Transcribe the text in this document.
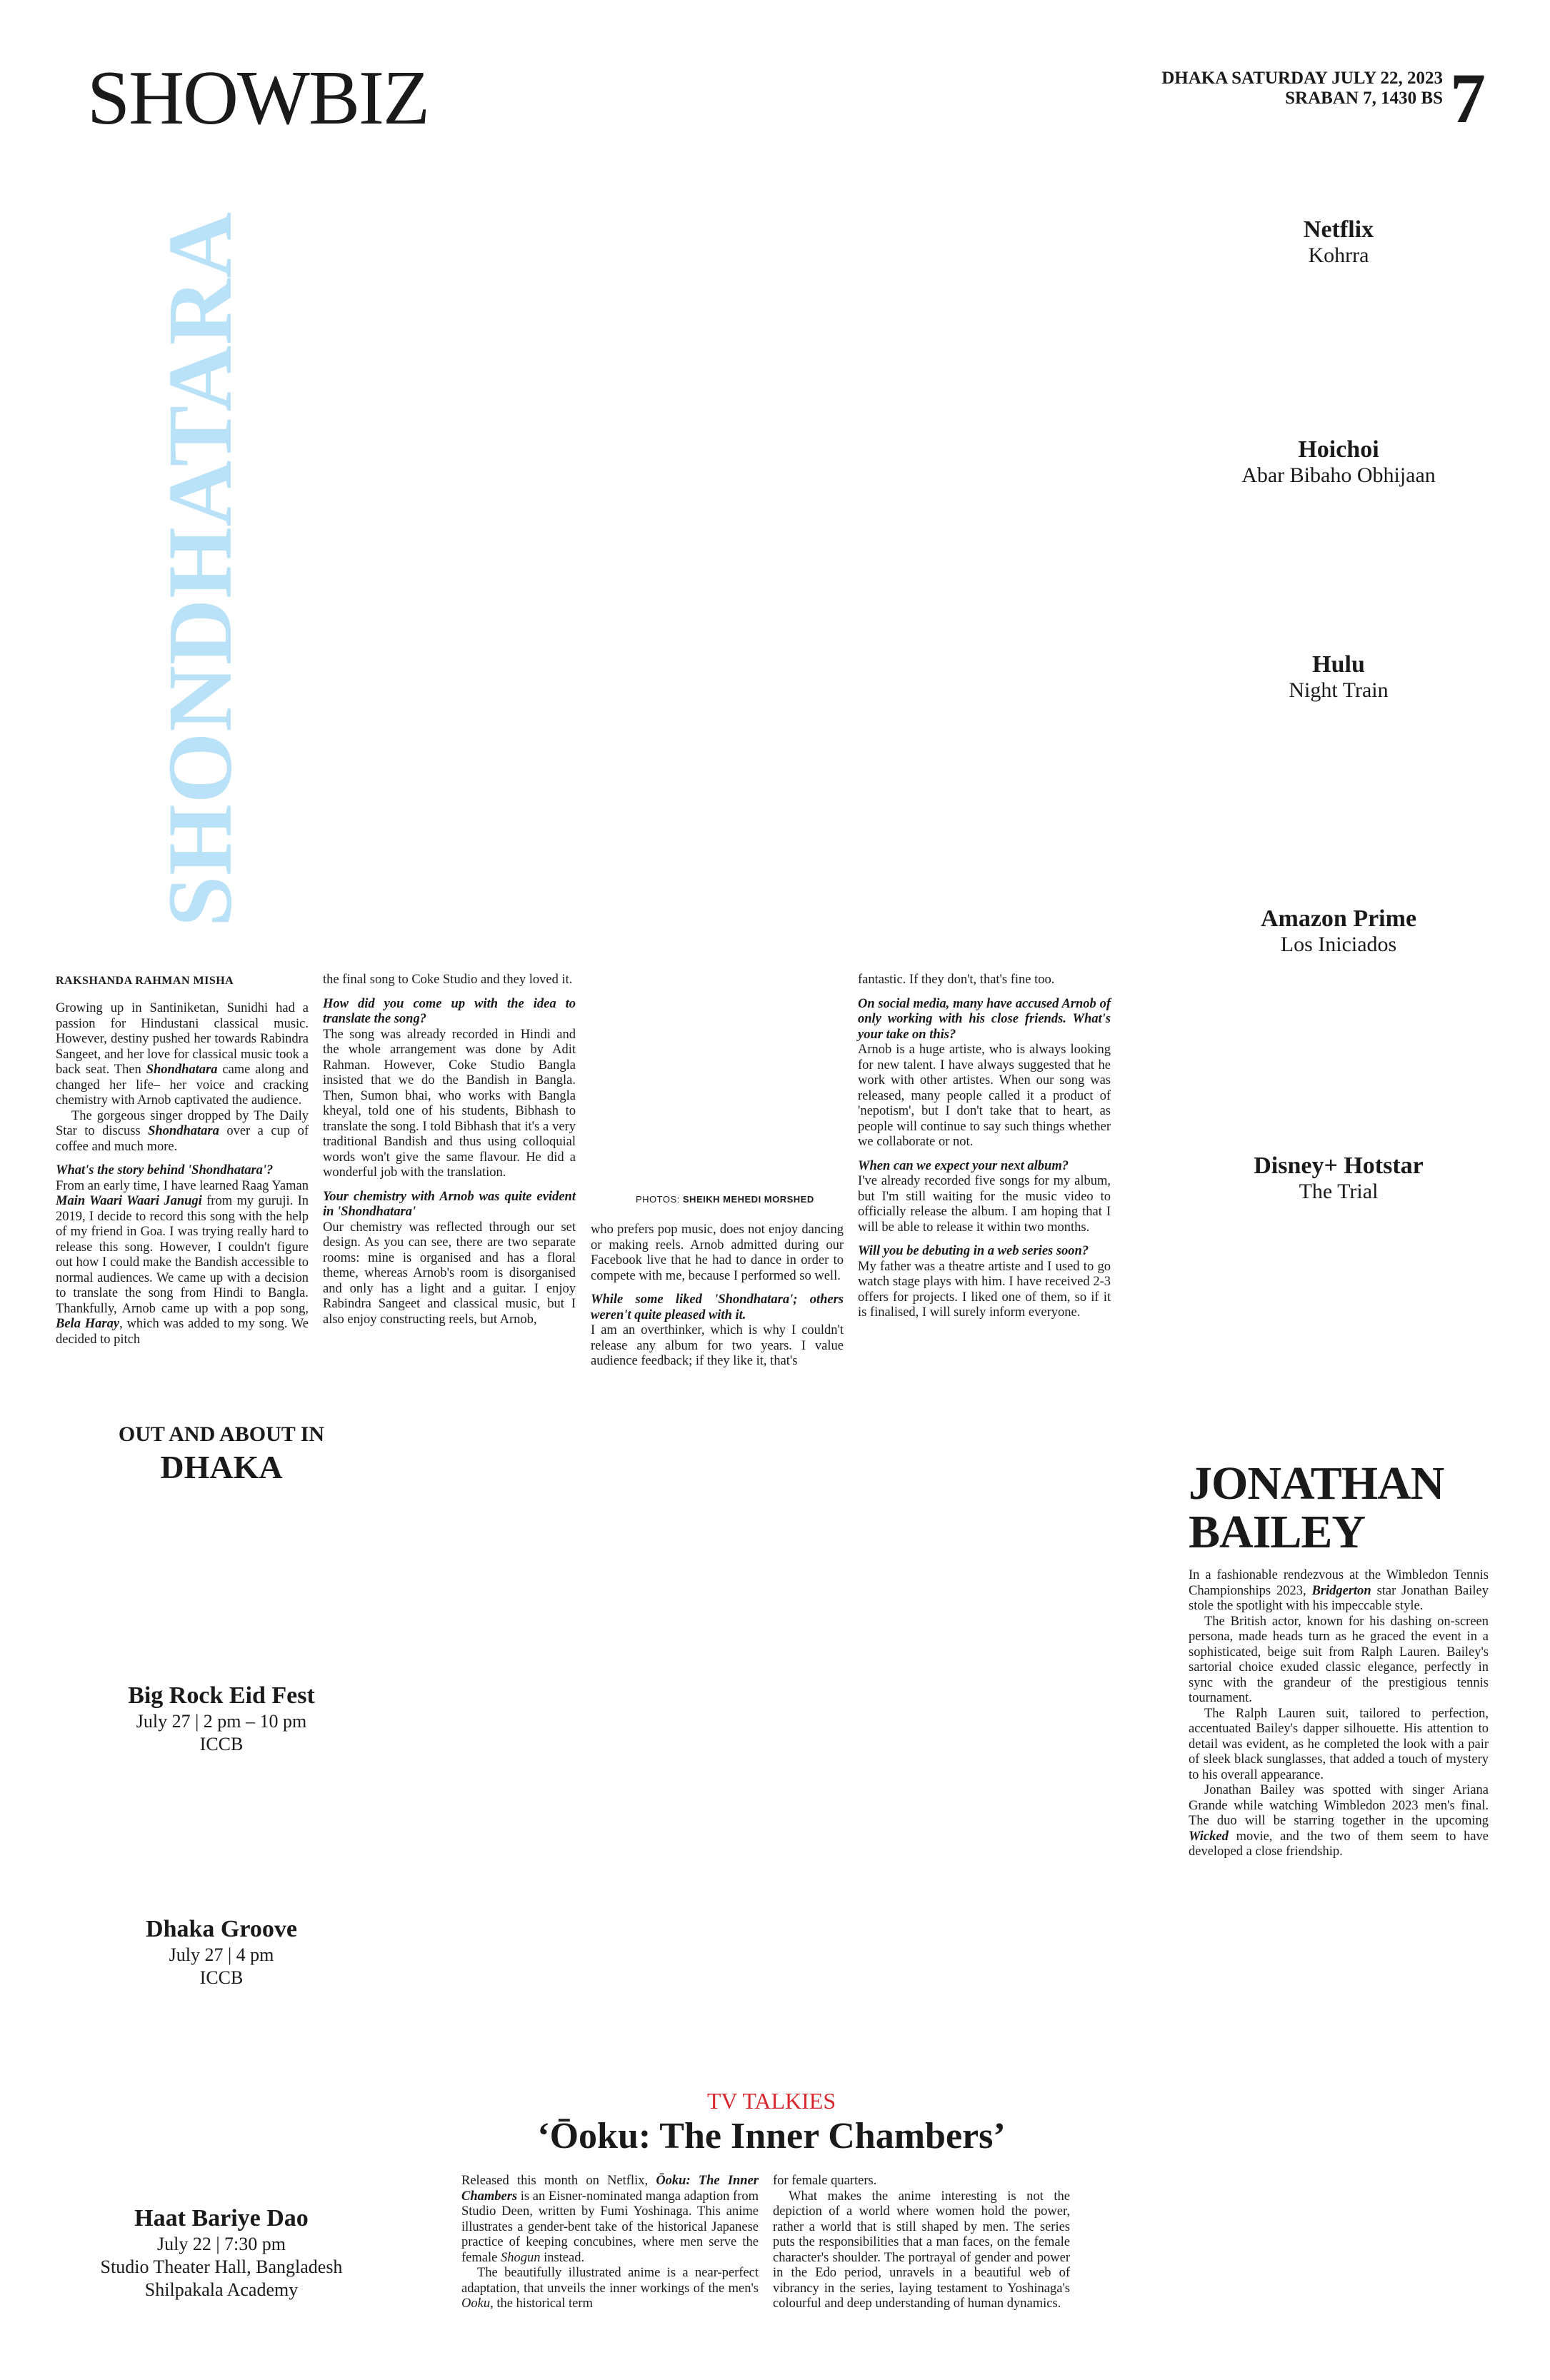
SHOWBIZ	DHAKA SATURDAY JULY 22, 2023
SRABAN 7, 1430 BS 7
SHONDHATARA
RAKSHANDA RAHMAN MISHA

Growing up in Santiniketan, Sunidhi had a passion for Hindustani classical music. However, destiny pushed her towards Rabindra Sangeet, and her love for classical music took a back seat. Then Shondhatara came along and changed her life– her voice and cracking chemistry with Arnob captivated the audience.

The gorgeous singer dropped by The Daily Star to discuss Shondhatara over a cup of coffee and much more.

What's the story behind 'Shondhatara'?

From an early time, I have learned Raag Yaman Main Waari Waari Janugi from my guruji. In 2019, I decide to record this song with the help of my friend in Goa. I was trying really hard to release this song. However, I couldn't figure out how I could make the Bandish accessible to normal audiences. We came up with a decision to translate the song from Hindi to Bangla. Thankfully, Arnob came up with a pop song, Bela Haray, which was added to my song. We decided to pitch

the final song to Coke Studio and they loved it.

How did you come up with the idea to translate the song?

The song was already recorded in Hindi and the whole arrangement was done by Adit Rahman. However, Coke Studio Bangla insisted that we do the Bandish in Bangla. Then, Sumon bhai, who works with Bangla kheyal, told one of his students, Bibhash to translate the song. I told Bibhash that it's a very traditional Bandish and thus using colloquial words won't give the same flavour. He did a wonderful job with the translation.

Your chemistry with Arnob was quite evident in 'Shondhatara'

Our chemistry was reflected through our set design. As you can see, there are two separate rooms: mine is organised and has a floral theme, whereas Arnob's room is disorganised and only has a light and a guitar. I enjoy Rabindra Sangeet and classical music, but I also enjoy constructing reels, but Arnob,

PHOTOS: SHEIKH MEHEDI MORSHED

who prefers pop music, does not enjoy dancing or making reels. Arnob admitted during our Facebook live that he had to dance in order to compete with me, because I performed so well.

While some liked 'Shondhatara'; others weren't quite pleased with it.

I am an overthinker, which is why I couldn't release any album for two years. I value audience feedback; if they like it, that's

fantastic. If they don't, that's fine too.

On social media, many have accused Arnob of only working with his close friends. What's your take on this?

Arnob is a huge artiste, who is always looking for new talent. I have always suggested that he work with other artistes. When our song was released, many people called it a product of 'nepotism', but I don't take that to heart, as people will continue to say such things whether we collaborate or not.

When can we expect your next album?

I've already recorded five songs for my album, but I'm still waiting for the music video to officially release the album. I am hoping that I will be able to release it within two months.

Will you be debuting in a web series soon?

My father was a theatre artiste and I used to go watch stage plays with him. I have received 2-3 offers for projects. I liked one of them, so if it is finalised, I will surely inform everyone.

Netflix
Kohrra
Hoichoi
Abar Bibaho Obhijaan
Hulu
Night Train
Amazon Prime
Los Iniciados
Disney+ Hotstar
The Trial
OUT AND ABOUT IN
DHAKA
Big Rock Eid Fest
July 27 | 2 pm – 10 pm
ICCB
Dhaka Groove
July 27 | 4 pm
ICCB
Haat Bariye Dao
July 22 | 7:30 pm
Studio Theater Hall, Bangladesh
Shilpakala Academy
JONATHAN
BAILEY

In a fashionable rendezvous at the Wimbledon Tennis Championships 2023, Bridgerton star Jonathan Bailey stole the spotlight with his impeccable style.

The British actor, known for his dashing on-screen persona, made heads turn as he graced the event in a sophisticated, beige suit from Ralph Lauren. Bailey's sartorial choice exuded classic elegance, perfectly in sync with the grandeur of the prestigious tennis tournament.

The Ralph Lauren suit, tailored to perfection, accentuated Bailey's dapper silhouette. His attention to detail was evident, as he completed the look with a pair of sleek black sunglasses, that added a touch of mystery to his overall appearance.

Jonathan Bailey was spotted with singer Ariana Grande while watching Wimbledon 2023 men's final. The duo will be starring together in the upcoming Wicked movie, and the two of them seem to have developed a close friendship.

TV TALKIES
‘Ōoku: The Inner Chambers’

Released this month on Netflix, Ōoku: The Inner Chambers is an Eisner-nominated manga adaption from Studio Deen, written by Fumi Yoshinaga. This anime illustrates a gender-bent take of the historical Japanese practice of keeping concubines, where men serve the female Shogun instead.

The beautifully illustrated anime is a near-perfect adaptation, that unveils the inner workings of the men's Ooku, the historical term

for female quarters.

What makes the anime interesting is not the depiction of a world where women hold the power, rather a world that is still shaped by men. The series puts the responsibilities that a man faces, on the female character's shoulder. The portrayal of gender and power in the Edo period, unravels in a beautiful web of vibrancy in the series, laying testament to Yoshinaga's colourful and deep understanding of human dynamics.
